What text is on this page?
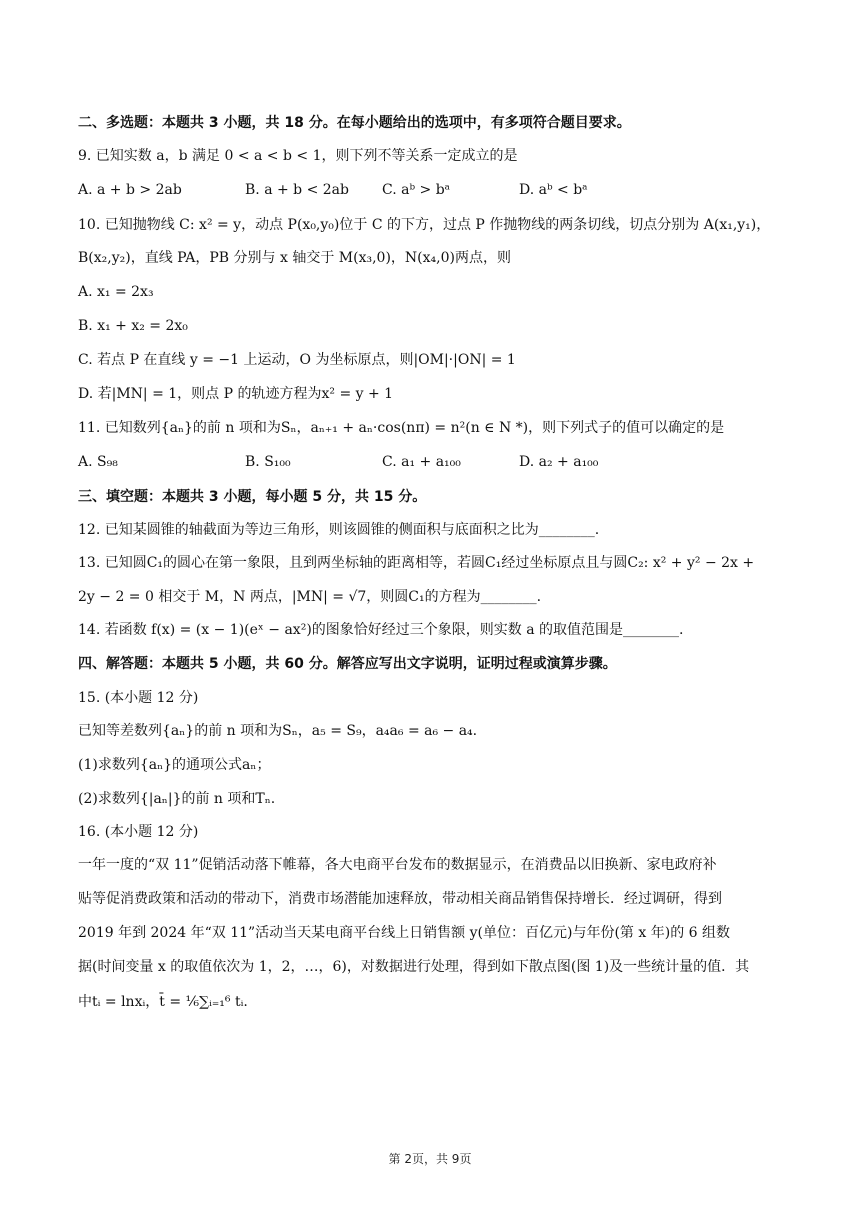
二、多选题：本题共 3 小题，共 18 分。在每小题给出的选项中，有多项符合题目要求。
9. 已知实数 a，b 满足 0 < a < b < 1，则下列不等关系一定成立的是
A. a + b > 2ab	B. a + b < 2ab C. aᵇ > bᵃ	D. aᵇ < bᵃ
10. 已知抛物线 C: x² = y，动点 P(x₀,y₀)位于 C 的下方，过点 P 作抛物线的两条切线，切点分别为 A(x₁,y₁)，
B(x₂,y₂)，直线 PA，PB 分别与 x 轴交于 M(x₃,0)，N(x₄,0)两点，则
A. x₁ = 2x₃
B. x₁ + x₂ = 2x₀
C. 若点 P 在直线 y = −1 上运动，O 为坐标原点，则|OM|·|ON| = 1
D. 若|MN| = 1，则点 P 的轨迹方程为x² = y + 1
11. 已知数列{aₙ}的前 n 项和为Sₙ，aₙ₊₁ + aₙ·cos(nπ) = n²(n ∈ N *)，则下列式子的值可以确定的是
A. S₉₈	B. S₁₀₀	C. a₁ + a₁₀₀	D. a₂ + a₁₀₀
三、填空题：本题共 3 小题，每小题 5 分，共 15 分。
12. 已知某圆锥的轴截面为等边三角形，则该圆锥的侧面积与底面积之比为________.
13. 已知圆C₁的圆心在第一象限，且到两坐标轴的距离相等，若圆C₁经过坐标原点且与圆C₂: x² + y² − 2x +
2y − 2 = 0 相交于 M，N 两点，|MN| = √7，则圆C₁的方程为________.
14. 若函数 f(x) = (x − 1)(eˣ − ax²)的图象恰好经过三个象限，则实数 a 的取值范围是________.
四、解答题：本题共 5 小题，共 60 分。解答应写出文字说明，证明过程或演算步骤。
15. (本小题 12 分)
已知等差数列{aₙ}的前 n 项和为Sₙ，a₅ = S₉，a₄a₆ = a₆ − a₄.
(1)求数列{aₙ}的通项公式aₙ；
(2)求数列{|aₙ|}的前 n 项和Tₙ.
16. (本小题 12 分)
一年一度的“双 11”促销活动落下帷幕，各大电商平台发布的数据显示，在消费品以旧换新、家电政府补
贴等促消费政策和活动的带动下，消费市场潜能加速释放，带动相关商品销售保持增长．经过调研，得到
2019 年到 2024 年“双 11”活动当天某电商平台线上日销售额 y(单位：百亿元)与年份(第 x 年)的 6 组数
据(时间变量 x 的取值依次为 1，2，…，6)，对数据进行处理，得到如下散点图(图 1)及一些统计量的值．其
中tᵢ = lnxᵢ，t̄ = ⅙∑ᵢ₌₁⁶ tᵢ.
第 2页，共 9页
